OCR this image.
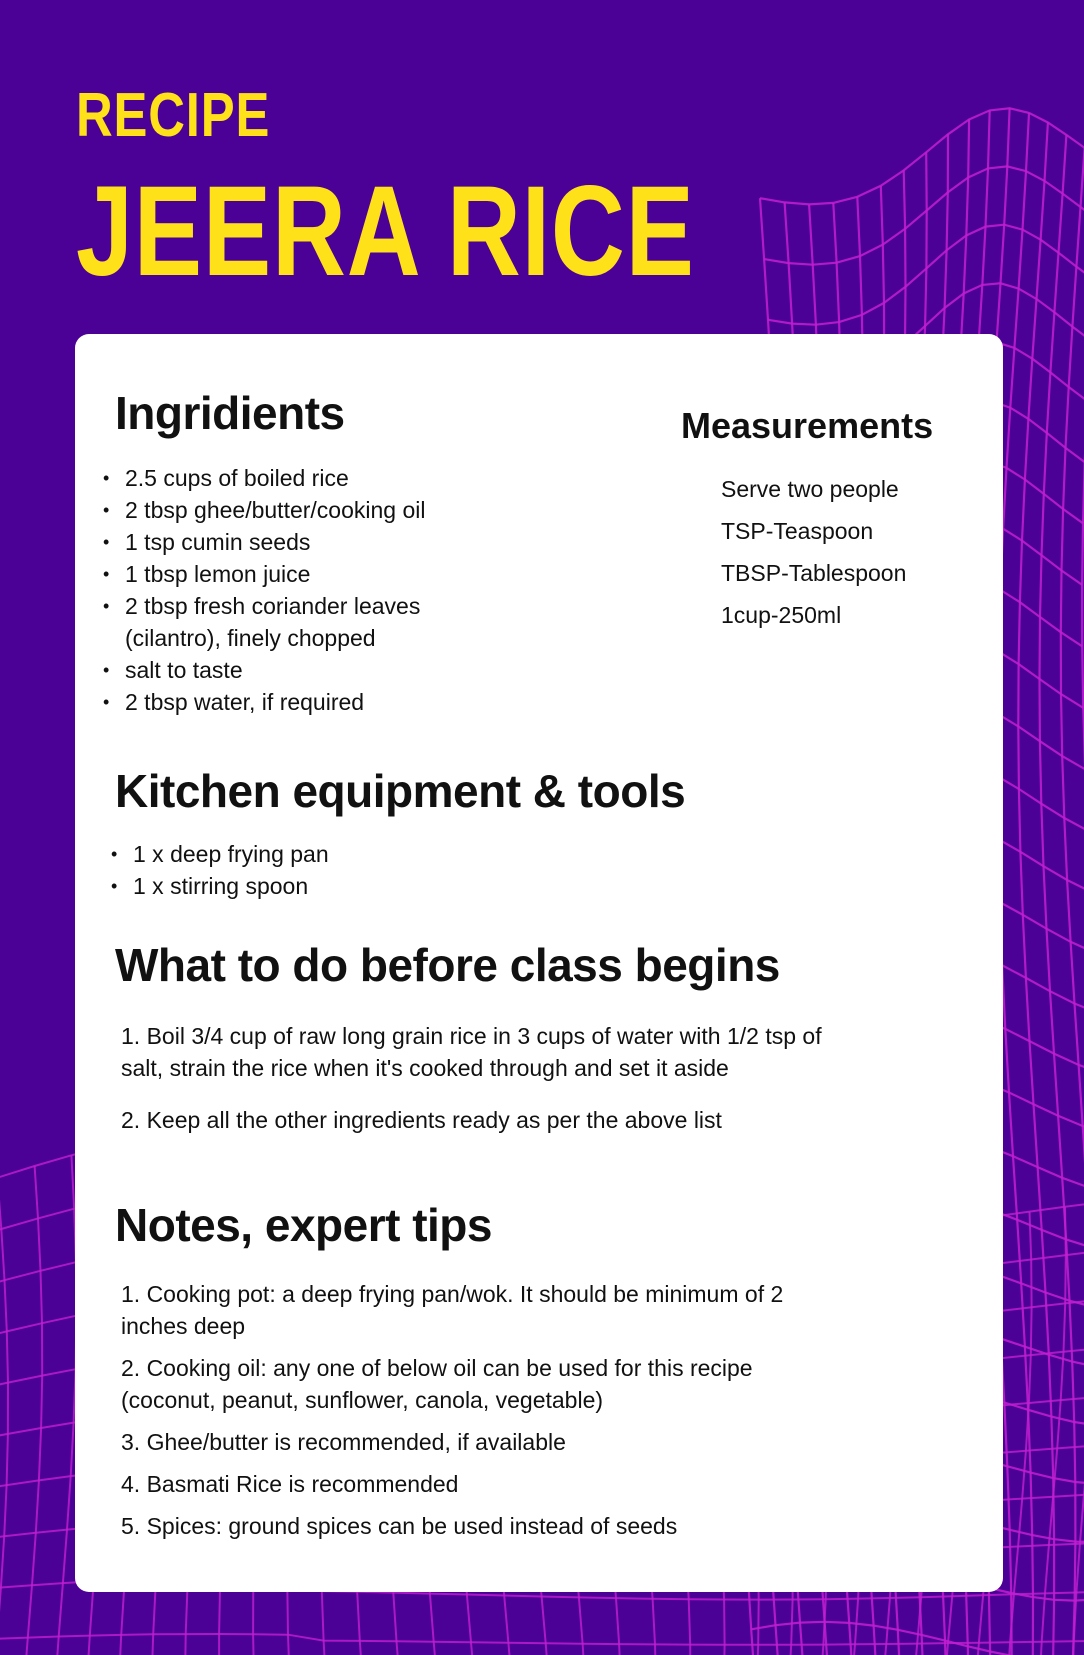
RECIPE
JEERA RICE
Ingridients
• 2.5 cups of boiled rice
• 2 tbsp ghee/butter/cooking oil
• 1 tsp cumin seeds
• 1 tbsp lemon juice
• 2 tbsp fresh coriander leaves
(cilantro), finely chopped
• salt to taste
• 2 tbsp water, if required
Measurements
Serve two people
TSP-Teaspoon
TBSP-Tablespoon
1cup-250ml
Kitchen equipment & tools
• 1 x deep frying pan
• 1 x stirring spoon
What to do before class begins
1. Boil 3/4 cup of raw long grain rice in 3 cups of water with 1/2 tsp of salt, strain the rice when it's cooked through and set it aside
2. Keep all the other ingredients ready as per the above list
Notes, expert tips
1. Cooking pot: a deep frying pan/wok. It should be minimum of 2 inches deep
2. Cooking oil: any one of below oil can be used for this recipe (coconut, peanut, sunflower, canola, vegetable)
3. Ghee/butter is recommended, if available
4. Basmati Rice is recommended
5. Spices: ground spices can be used instead of seeds
